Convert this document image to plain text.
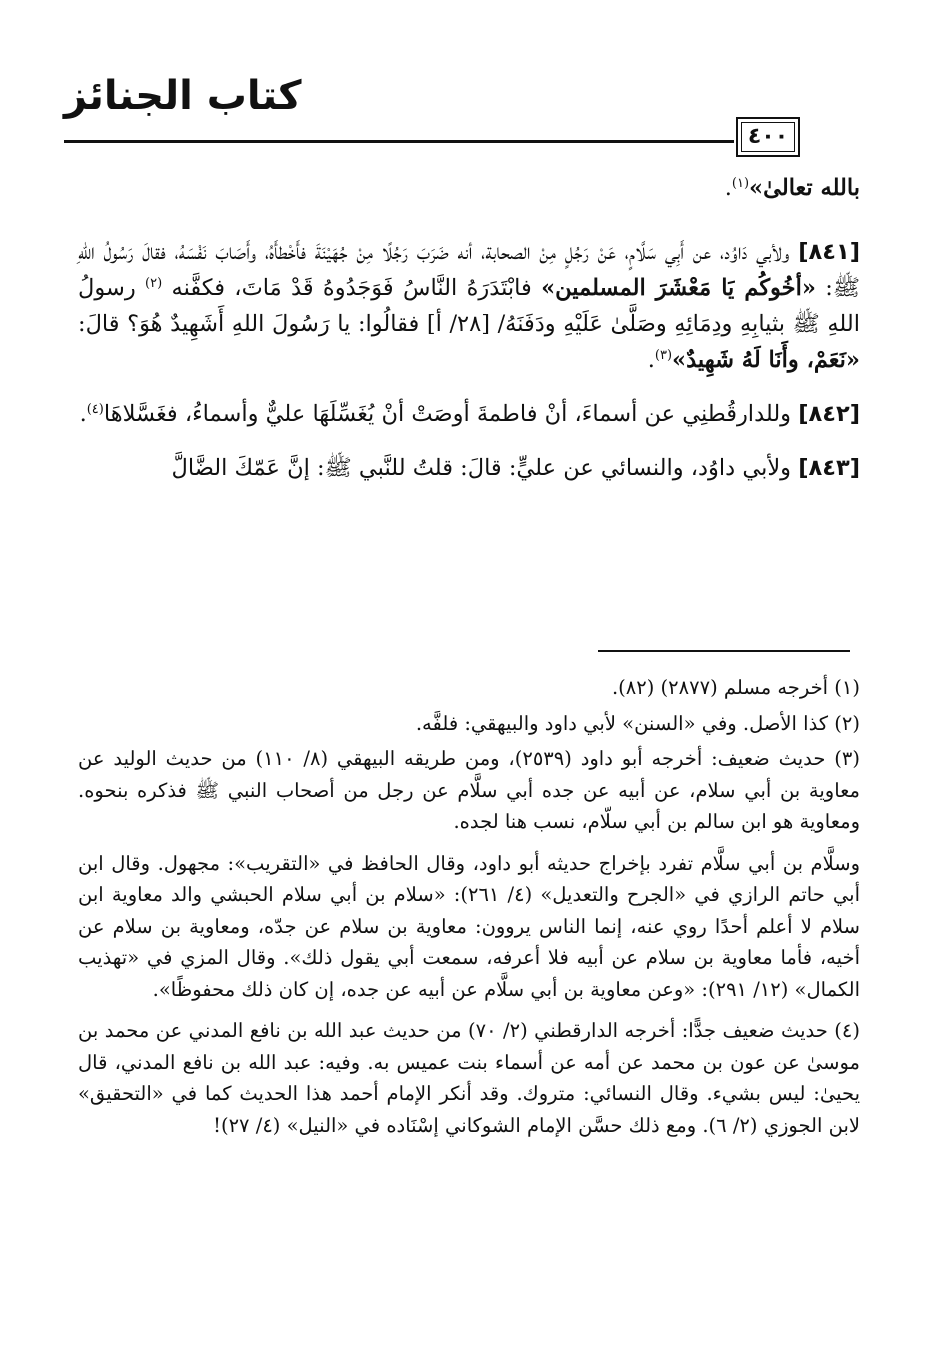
كتاب الجنائز
٤٠٠

بالله تعالىٰ»$^{(١)}$.

[٨٤١] ولأبي دَاوُد، عن أَبِي سَلَّامٍ، عَنْ رَجُلٍ مِنْ الصحابة، أنه ضَرَبَ رَجُلًا مِنْ جُهَيْنَةَ فأَخْطأَهُ، وأَصَابَ نَفْسَهُ، فقالَ رَسُولُ اللهِ ﷺ: «أخُوكُم يَا مَعْشَرَ المسلمين» فابْتَدَرَهُ النَّاسُ فَوَجَدُوهُ قَدْ مَاتَ، فكفَّنه $^{(٢)}$ رسولُ اللهِ ﷺ بثيابِهِ ودِمَائِهِ وصَلَّىٰ عَلَيْهِ ودَفَنَهُ/ [٢٨/ أ] فقالُوا: يا رَسُولَ اللهِ أَشَهِيدٌ هُوَ؟ قالَ: «نَعَمْ، وأَنَا لَهُ شَهِيدٌ»$^{(٣)}$.

[٨٤٢] وللدارقُطنِي عن أسماءَ، أنْ فاطمةَ أوصَتْ أنْ يُغَسِّلَهَا عليٌّ وأسماءُ، فغَسَّلاهَا$^{(٤)}$.

[٨٤٣] ولأبي داوُد، والنسائي عن عليٍّ: قالَ: قلتُ للنَّبي ﷺ: إنَّ عَمّكَ الضَّالَّ

(١) أخرجه مسلم (٢٨٧٧) (٨٢).

(٢) كذا الأصل. وفي «السنن» لأبي داود والبيهقي: فلفَّه.

(٣) حديث ضعيف: أخرجه أبو داود (٢٥٣٩)، ومن طريقه البيهقي (٨/ ١١٠) من حديث الوليد عن معاوية بن أبي سلام، عن أبيه عن جده أبي سلَّام عن رجل من أصحاب النبي ﷺ فذكره بنحوه. ومعاوية هو ابن سالم بن أبي سلّام، نسب هنا لجده.

وسلَّام بن أبي سلَّام تفرد بإخراج حديثه أبو داود، وقال الحافظ في «التقريب»: مجهول. وقال ابن أبي حاتم الرازي في «الجرح والتعديل» (٤/ ٢٦١): «سلام بن أبي سلام الحبشي والد معاوية ابن سلام لا أعلم أحدًا روي عنه، إنما الناس يروون: معاوية بن سلام عن جدّه، ومعاوية بن سلام عن أخيه، فأما معاوية بن سلام عن أبيه فلا أعرفه، سمعت أبي يقول ذلك». وقال المزي في «تهذيب الكمال» (١٢/ ٢٩١): «وعن معاوية بن أبي سلَّام عن أبيه عن جده، إن كان ذلك محفوظًا».

(٤) حديث ضعيف جدًّا: أخرجه الدارقطني (٢/ ٧٠) من حديث عبد الله بن نافع المدني عن محمد بن موسىٰ عن عون بن محمد عن أمه عن أسماء بنت عميس به. وفيه: عبد الله بن نافع المدني، قال يحيىٰ: ليس بشيء. وقال النسائي: متروك. وقد أنكر الإمام أحمد هذا الحديث كما في «التحقيق» لابن الجوزي (٢/ ٦). ومع ذلك حسَّن الإمام الشوكاني إسْنَاده في «النيل» (٤/ ٢٧)!
